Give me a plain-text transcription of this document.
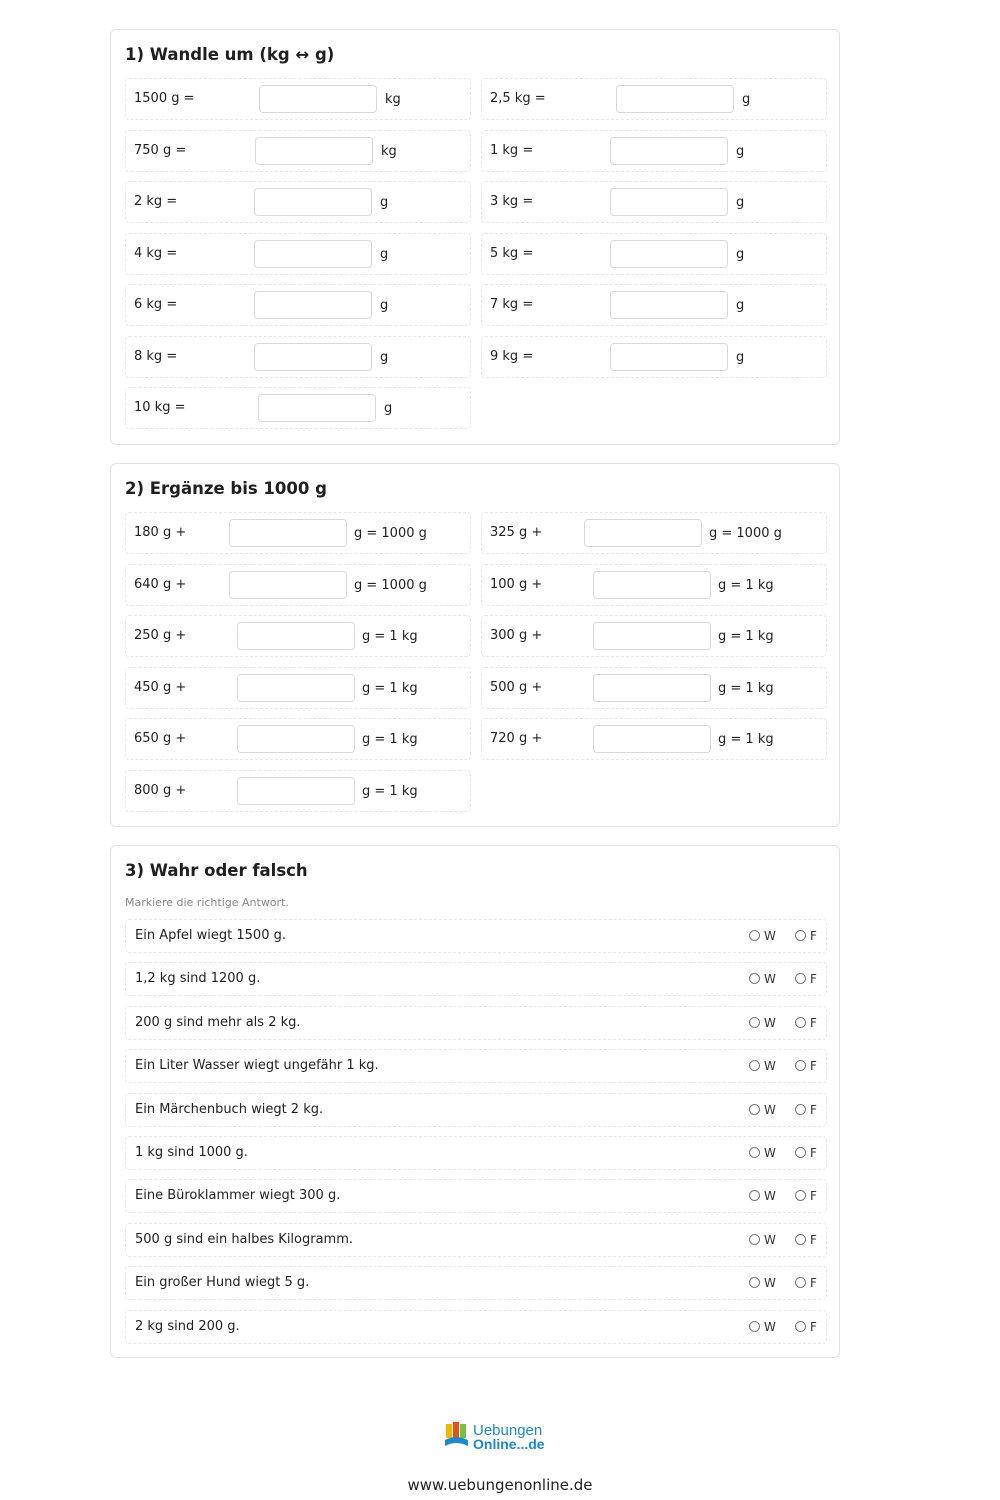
1) Wandle um (kg ↔ g)
1500 g =	kg	2,5 kg =	g
750 g =	kg	1 kg =	g
2 kg =	g	3 kg =	g
4 kg =	g	5 kg =	g
6 kg =	g	7 kg =	g
8 kg =	g	9 kg =	g
10 kg =	g
2) Ergänze bis 1000 g
180 g +	g = 1000 g	325 g +	g = 1000 g
640 g +	g = 1000 g	100 g +	g = 1 kg
250 g +	g = 1 kg	300 g +	g = 1 kg
450 g +	g = 1 kg	500 g +	g = 1 kg
650 g +	g = 1 kg	720 g +	g = 1 kg
800 g +	g = 1 kg
3) Wahr oder falsch
Markiere die richtige Antwort.
Ein Apfel wiegt 1500 g.	W	F
1,2 kg sind 1200 g.	W	F
200 g sind mehr als 2 kg.	W	F
Ein Liter Wasser wiegt ungefähr 1 kg.	W	F
Ein Märchenbuch wiegt 2 kg.	W	F
1 kg sind 1000 g.	W	F
Eine Büroklammer wiegt 300 g.	W	F
500 g sind ein halbes Kilogramm.	W	F
Ein großer Hund wiegt 5 g.	W	F
2 kg sind 200 g.	W	F
Uebungen
Online...de
www.uebungenonline.de
